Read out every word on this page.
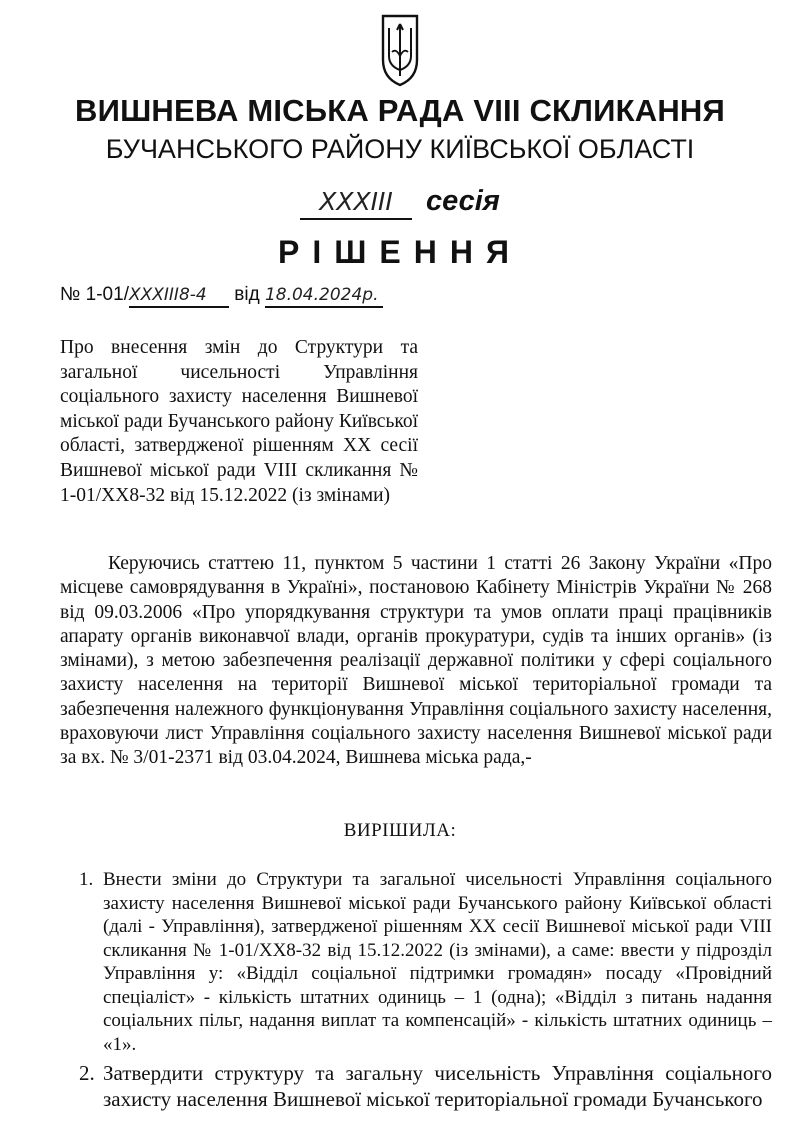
ВИШНЕВА МІСЬКА РАДА VIII СКЛИКАННЯ
БУЧАНСЬКОГО РАЙОНУ КИЇВСЬКОЇ ОБЛАСТІ
XXXIII сесія
РІШЕННЯ
№ 1-01/XXXIII8-4 від 18.04.2024р.
Про внесення змін до Структури та загальної чисельності Управління соціального захисту населення Вишневої міської ради Бучанського району Київської області, затвердженої рішенням XX сесії Вишневої міської ради VIII скликання № 1-01/XX8-32 від 15.12.2022 (із змінами)
Керуючись статтею 11, пунктом 5 частини 1 статті 26 Закону України «Про місцеве самоврядування в Україні», постановою Кабінету Міністрів України № 268 від 09.03.2006 «Про упорядкування структури та умов оплати праці працівників апарату органів виконавчої влади, органів прокуратури, судів та інших органів» (із змінами), з метою забезпечення реалізації державної політики у сфері соціального захисту населення на території Вишневої міської територіальної громади та забезпечення належного функціонування Управління соціального захисту населення, враховуючи лист Управління соціального захисту населення Вишневої міської ради за вх. № 3/01-2371 від 03.04.2024, Вишнева міська рада,-
ВИРІШИЛА:
1. Внести зміни до Структури та загальної чисельності Управління соціального захисту населення Вишневої міської ради Бучанського району Київської області (далі - Управління), затвердженої рішенням XX сесії Вишневої міської ради VIII скликання № 1-01/XX8-32 від 15.12.2022 (із змінами), а саме: ввести у підрозділ Управління у: «Відділ соціальної підтримки громадян» посаду «Провідний спеціаліст» - кількість штатних одиниць – 1 (одна); «Відділ з питань надання соціальних пільг, надання виплат та компенсацій» - кількість штатних одиниць – «1».
2. Затвердити структуру та загальну чисельність Управління соціального захисту населення Вишневої міської територіальної громади Бучанського
